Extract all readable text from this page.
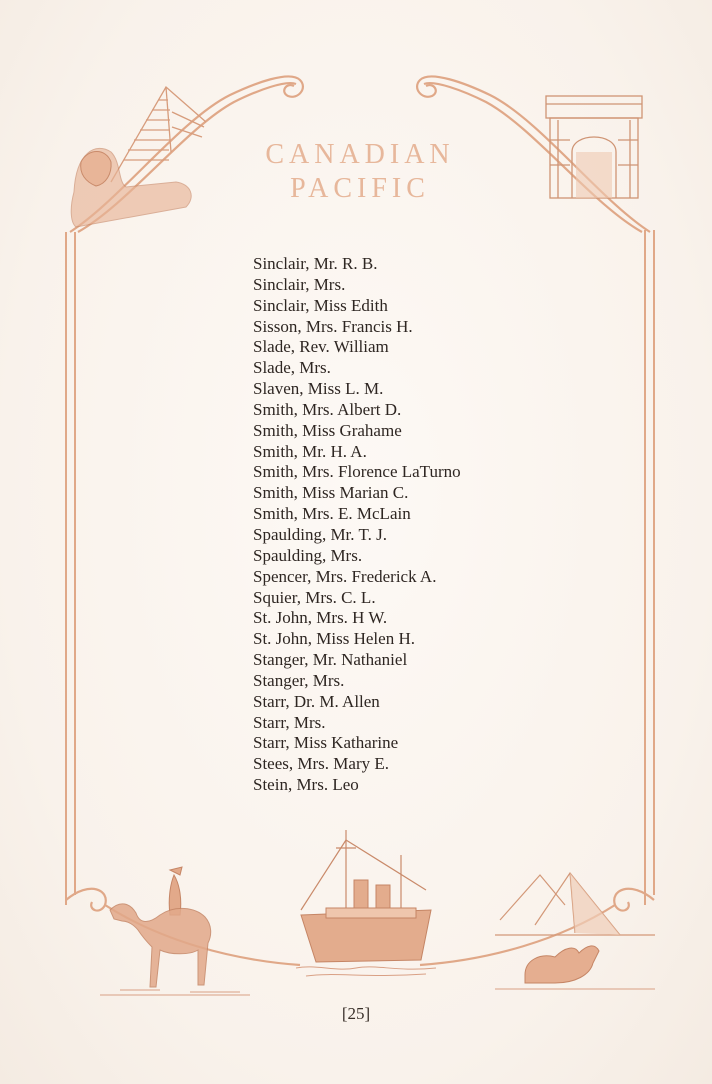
CANADIAN
PACIFIC
Sinclair, Mr. R. B.
Sinclair, Mrs.
Sinclair, Miss Edith
Sisson, Mrs. Francis H.
Slade, Rev. William
Slade, Mrs.
Slaven, Miss L. M.
Smith, Mrs. Albert D.
Smith, Miss Grahame
Smith, Mr. H. A.
Smith, Mrs. Florence LaTurno
Smith, Miss Marian C.
Smith, Mrs. E. McLain
Spaulding, Mr. T. J.
Spaulding, Mrs.
Spencer, Mrs. Frederick A.
Squier, Mrs. C. L.
St. John, Mrs. H W.
St. John, Miss Helen H.
Stanger, Mr. Nathaniel
Stanger, Mrs.
Starr, Dr. M. Allen
Starr, Mrs.
Starr, Miss Katharine
Stees, Mrs. Mary E.
Stein, Mrs. Leo
[25]
